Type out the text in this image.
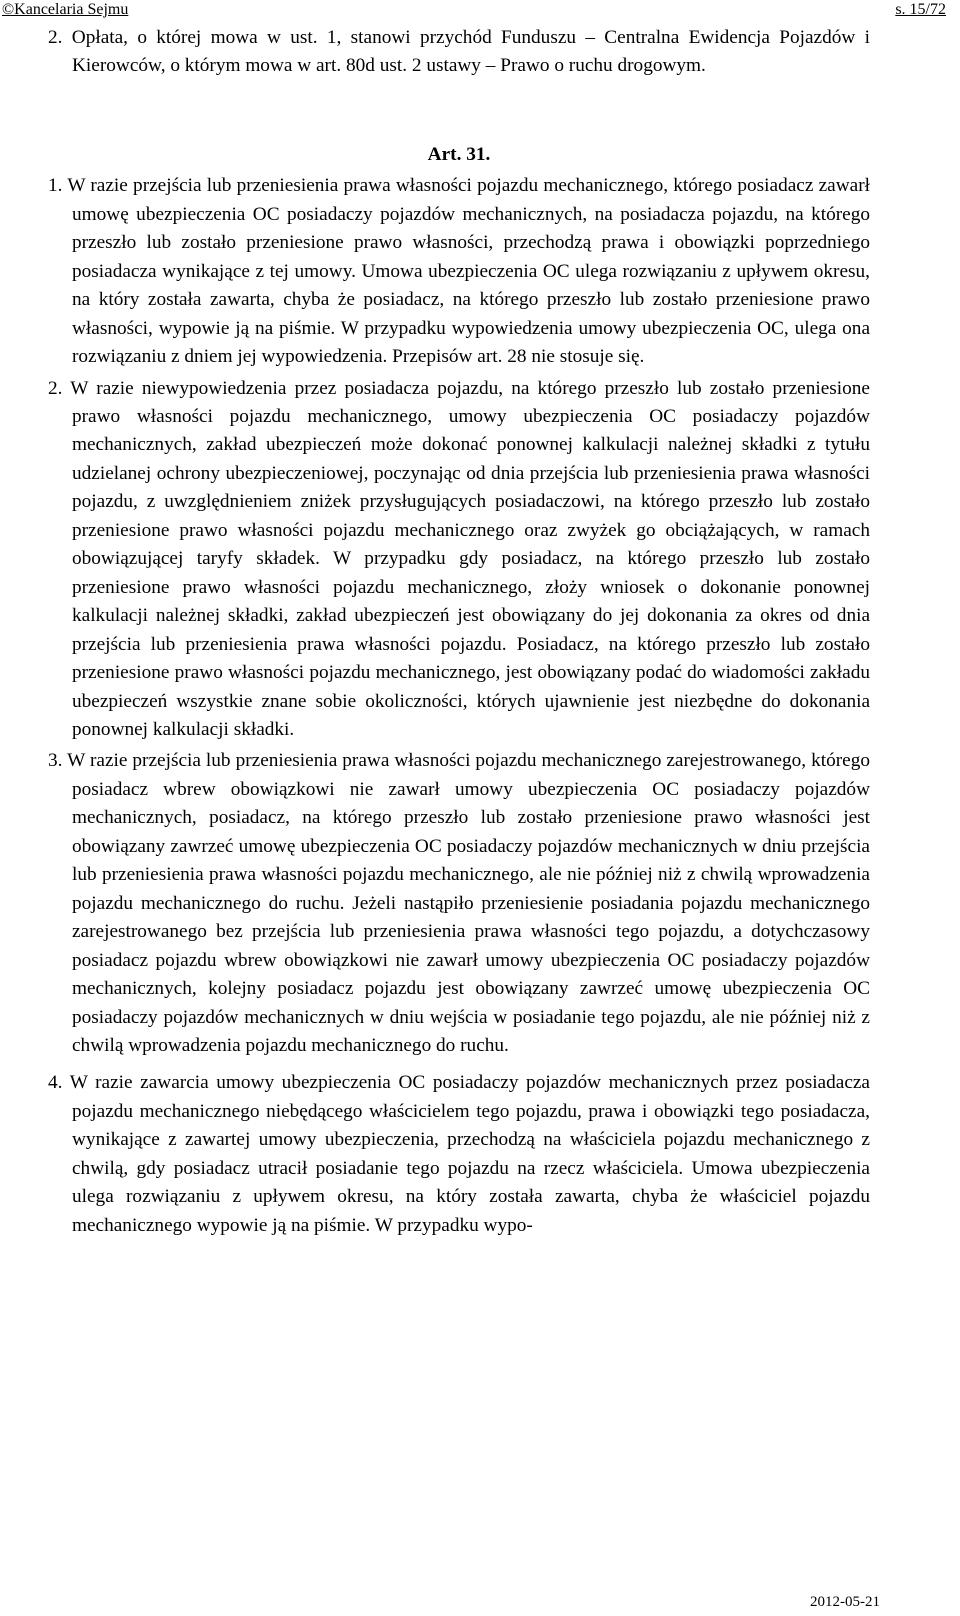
©Kancelaria Sejmu	s. 15/72

2. Opłata, o której mowa w ust. 1, stanowi przychód Funduszu – Centralna Ewidencja Pojazdów i Kierowców, o którym mowa w art. 80d ust. 2 ustawy – Prawo o ruchu drogowym.

Art. 31.

1. W razie przejścia lub przeniesienia prawa własności pojazdu mechanicznego, którego posiadacz zawarł umowę ubezpieczenia OC posiadaczy pojazdów mechanicznych, na posiadacza pojazdu, na którego przeszło lub zostało przeniesione prawo własności, przechodzą prawa i obowiązki poprzedniego posiadacza wynikające z tej umowy. Umowa ubezpieczenia OC ulega rozwiązaniu z upływem okresu, na który została zawarta, chyba że posiadacz, na którego przeszło lub zostało przeniesione prawo własności, wypowie ją na piśmie. W przypadku wypowiedzenia umowy ubezpieczenia OC, ulega ona rozwiązaniu z dniem jej wypowiedzenia. Przepisów art. 28 nie stosuje się.

2. W razie niewypowiedzenia przez posiadacza pojazdu, na którego przeszło lub zostało przeniesione prawo własności pojazdu mechanicznego, umowy ubezpieczenia OC posiadaczy pojazdów mechanicznych, zakład ubezpieczeń może dokonać ponownej kalkulacji należnej składki z tytułu udzielanej ochrony ubezpieczeniowej, poczynając od dnia przejścia lub przeniesienia prawa własności pojazdu, z uwzględnieniem zniżek przysługujących posiadaczowi, na którego przeszło lub zostało przeniesione prawo własności pojazdu mechanicznego oraz zwyżek go obciążających, w ramach obowiązującej taryfy składek. W przypadku gdy posiadacz, na którego przeszło lub zostało przeniesione prawo własności pojazdu mechanicznego, złoży wniosek o dokonanie ponownej kalkulacji należnej składki, zakład ubezpieczeń jest obowiązany do jej dokonania za okres od dnia przejścia lub przeniesienia prawa własności pojazdu. Posiadacz, na którego przeszło lub zostało przeniesione prawo własności pojazdu mechanicznego, jest obowiązany podać do wiadomości zakładu ubezpieczeń wszystkie znane sobie okoliczności, których ujawnienie jest niezbędne do dokonania ponownej kalkulacji składki.

3. W razie przejścia lub przeniesienia prawa własności pojazdu mechanicznego zarejestrowanego, którego posiadacz wbrew obowiązkowi nie zawarł umowy ubezpieczenia OC posiadaczy pojazdów mechanicznych, posiadacz, na którego przeszło lub zostało przeniesione prawo własności jest obowiązany zawrzeć umowę ubezpieczenia OC posiadaczy pojazdów mechanicznych w dniu przejścia lub przeniesienia prawa własności pojazdu mechanicznego, ale nie później niż z chwilą wprowadzenia pojazdu mechanicznego do ruchu. Jeżeli nastąpiło przeniesienie posiadania pojazdu mechanicznego zarejestrowanego bez przejścia lub przeniesienia prawa własności tego pojazdu, a dotychczasowy posiadacz pojazdu wbrew obowiązkowi nie zawarł umowy ubezpieczenia OC posiadaczy pojazdów mechanicznych, kolejny posiadacz pojazdu jest obowiązany zawrzeć umowę ubezpieczenia OC posiadaczy pojazdów mechanicznych w dniu wejścia w posiadanie tego pojazdu, ale nie później niż z chwilą wprowadzenia pojazdu mechanicznego do ruchu.

4. W razie zawarcia umowy ubezpieczenia OC posiadaczy pojazdów mechanicznych przez posiadacza pojazdu mechanicznego niebędącego właścicielem tego pojazdu, prawa i obowiązki tego posiadacza, wynikające z zawartej umowy ubezpieczenia, przechodzą na właściciela pojazdu mechanicznego z chwilą, gdy posiadacz utracił posiadanie tego pojazdu na rzecz właściciela. Umowa ubezpieczenia ulega rozwiązaniu z upływem okresu, na który została zawarta, chyba że właściciel pojazdu mechanicznego wypowie ją na piśmie. W przypadku wypo-

2012-05-21
